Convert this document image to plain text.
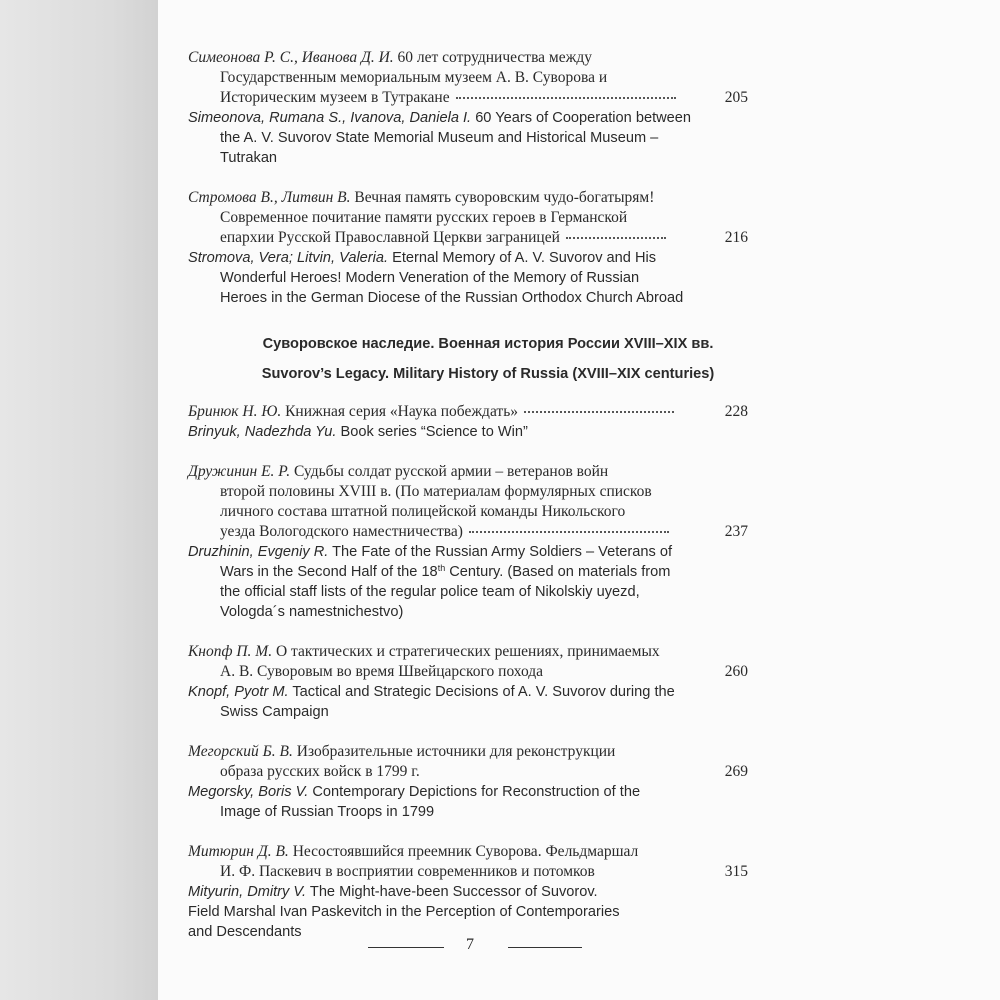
Симеонова Р. С., Иванова Д. И. 60 лет сотрудничества между
Государственным мемориальным музеем А. В. Суворова и
Историческим музеем в Тутракане	205
Simeonova, Rumana S., Ivanova, Daniela I. 60 Years of Cooperation between
the A. V. Suvorov State Memorial Museum and Historical Museum –
Tutrakan
Стромова В., Литвин В. Вечная память суворовским чудо-богатырям!
Современное почитание памяти русских героев в Германской
епархии Русской Православной Церкви заграницей	216
Stromova, Vera; Litvin, Valeria. Eternal Memory of A. V. Suvorov and His
Wonderful Heroes! Modern Veneration of the Memory of Russian
Heroes in the German Diocese of the Russian Orthodox Church Abroad
Суворовское наследие. Военная история России XVIII–XIX вв.
Suvorov’s Legacy. Military History of Russia (XVIII–XIX centuries)
Бринюк Н. Ю. Книжная серия «Наука побеждать»	228
Brinyuk, Nadezhda Yu. Book series “Science to Win”
Дружинин Е. Р. Судьбы солдат русской армии – ветеранов войн
второй половины XVIII в. (По материалам формулярных списков
личного состава штатной полицейской команды Никольского
уезда Вологодского наместничества)	237
Druzhinin, Evgeniy R. The Fate of the Russian Army Soldiers – Veterans of
Wars in the Second Half of the 18th Century. (Based on materials from
the official staff lists of the regular police team of Nikolskiy uyezd,
Vologda´s namestnichestvo)
Кнопф П. М. О тактических и стратегических решениях, принимаемых
А. В. Суворовым во время Швейцарского похода	260
Knopf, Pyotr M. Tactical and Strategic Decisions of A. V. Suvorov during the
Swiss Campaign
Мегорский Б. В. Изобразительные источники для реконструкции
образа русских войск в 1799 г.	269
Megorsky, Boris V. Contemporary Depictions for Reconstruction of the
Image of Russian Troops in 1799
Митюрин Д. В. Несостоявшийся преемник Суворова. Фельдмаршал
И. Ф. Паскевич в восприятии современников и потомков	315
Mityurin, Dmitry V. The Might-have-been Successor of Suvorov.
Field Marshal Ivan Paskevitch in the Perception of Contemporaries
and Descendants
7
